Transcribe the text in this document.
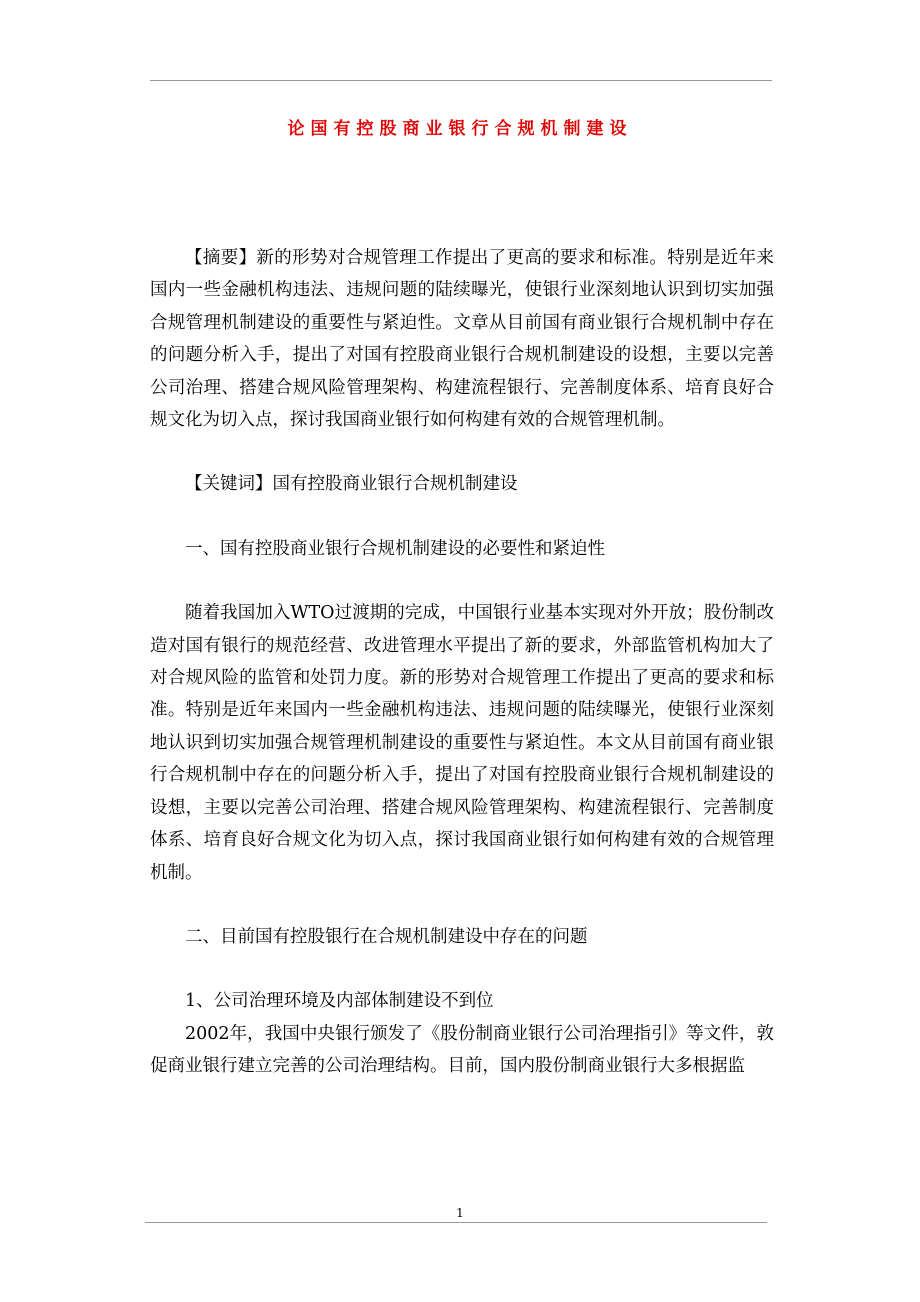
论国有控股商业银行合规机制建设

【摘要】新的形势对合规管理工作提出了更高的要求和标准。特别是近年来国内一些金融机构违法、违规问题的陆续曝光，使银行业深刻地认识到切实加强合规管理机制建设的重要性与紧迫性。文章从目前国有商业银行合规机制中存在的问题分析入手，提出了对国有控股商业银行合规机制建设的设想，主要以完善公司治理、搭建合规风险管理架构、构建流程银行、完善制度体系、培育良好合规文化为切入点，探讨我国商业银行如何构建有效的合规管理机制。

【关键词】国有控股商业银行合规机制建设

一、国有控股商业银行合规机制建设的必要性和紧迫性

随着我国加入WTO过渡期的完成，中国银行业基本实现对外开放；股份制改造对国有银行的规范经营、改进管理水平提出了新的要求，外部监管机构加大了对合规风险的监管和处罚力度。新的形势对合规管理工作提出了更高的要求和标准。特别是近年来国内一些金融机构违法、违规问题的陆续曝光，使银行业深刻地认识到切实加强合规管理机制建设的重要性与紧迫性。本文从目前国有商业银行合规机制中存在的问题分析入手，提出了对国有控股商业银行合规机制建设的设想，主要以完善公司治理、搭建合规风险管理架构、构建流程银行、完善制度体系、培育良好合规文化为切入点，探讨我国商业银行如何构建有效的合规管理机制。

二、目前国有控股银行在合规机制建设中存在的问题

1、公司治理环境及内部体制建设不到位

2002年，我国中央银行颁发了《股份制商业银行公司治理指引》等文件，敦促商业银行建立完善的公司治理结构。目前，国内股份制商业银行大多根据监

1
